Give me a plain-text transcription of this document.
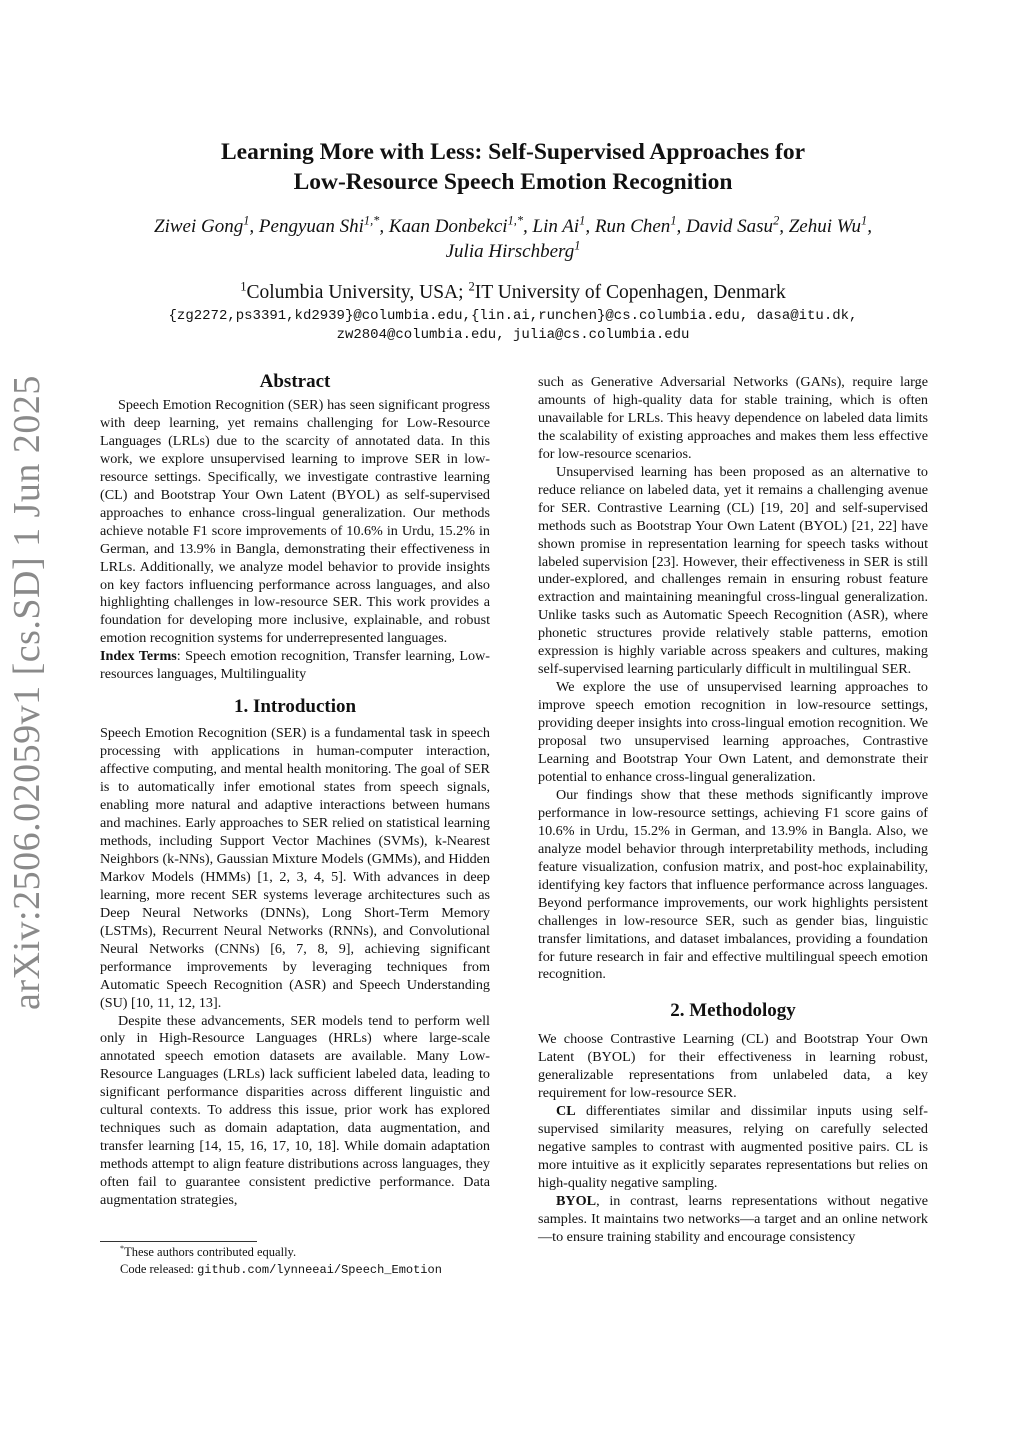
arXiv:2506.02059v1 [cs.SD] 1 Jun 2025
Learning More with Less: Self-Supervised Approaches for
Low-Resource Speech Emotion Recognition
Ziwei Gong$^1$, Pengyuan Shi$^{1,*}$, Kaan Donbekci$^{1,*}$, Lin Ai$^1$, Run Chen$^1$, David Sasu$^2$, Zehui Wu$^1$,
Julia Hirschberg$^1$
$^1$Columbia University, USA; $^2$IT University of Copenhagen, Denmark
{zg2272,ps3391,kd2939}@columbia.edu,{lin.ai,runchen}@cs.columbia.edu, dasa@itu.dk,
zw2804@columbia.edu, julia@cs.columbia.edu
Abstract

Speech Emotion Recognition (SER) has seen significant progress with deep learning, yet remains challenging for Low-Resource Languages (LRLs) due to the scarcity of annotated data. In this work, we explore unsupervised learning to improve SER in low-resource settings. Specifically, we investigate contrastive learning (CL) and Bootstrap Your Own Latent (BYOL) as self-supervised approaches to enhance cross-lingual generalization. Our methods achieve notable F1 score improvements of 10.6% in Urdu, 15.2% in German, and 13.9% in Bangla, demonstrating their effectiveness in LRLs. Additionally, we analyze model behavior to provide insights on key factors influencing performance across languages, and also highlighting challenges in low-resource SER. This work provides a foundation for developing more inclusive, explainable, and robust emotion recognition systems for underrepresented languages.

Index Terms: Speech emotion recognition, Transfer learning, Low-resources languages, Multilinguality

1. Introduction

Speech Emotion Recognition (SER) is a fundamental task in speech processing with applications in human-computer interaction, affective computing, and mental health monitoring. The goal of SER is to automatically infer emotional states from speech signals, enabling more natural and adaptive interactions between humans and machines. Early approaches to SER relied on statistical learning methods, including Support Vector Machines (SVMs), k-Nearest Neighbors (k-NNs), Gaussian Mixture Models (GMMs), and Hidden Markov Models (HMMs) [1, 2, 3, 4, 5]. With advances in deep learning, more recent SER systems leverage architectures such as Deep Neural Networks (DNNs), Long Short-Term Memory (LSTMs), Recurrent Neural Networks (RNNs), and Convolutional Neural Networks (CNNs) [6, 7, 8, 9], achieving significant performance improvements by leveraging techniques from Automatic Speech Recognition (ASR) and Speech Understanding (SU) [10, 11, 12, 13].

Despite these advancements, SER models tend to perform well only in High-Resource Languages (HRLs) where large-scale annotated speech emotion datasets are available. Many Low-Resource Languages (LRLs) lack sufficient labeled data, leading to significant performance disparities across different linguistic and cultural contexts. To address this issue, prior work has explored techniques such as domain adaptation, data augmentation, and transfer learning [14, 15, 16, 17, 10, 18]. While domain adaptation methods attempt to align feature distributions across languages, they often fail to guarantee consistent predictive performance. Data augmentation strategies,

*These authors contributed equally.
Code released: github.com/lynneeai/Speech_Emotion

such as Generative Adversarial Networks (GANs), require large amounts of high-quality data for stable training, which is often unavailable for LRLs. This heavy dependence on labeled data limits the scalability of existing approaches and makes them less effective for low-resource scenarios.

Unsupervised learning has been proposed as an alternative to reduce reliance on labeled data, yet it remains a challenging avenue for SER. Contrastive Learning (CL) [19, 20] and self-supervised methods such as Bootstrap Your Own Latent (BYOL) [21, 22] have shown promise in representation learning for speech tasks without labeled supervision [23]. However, their effectiveness in SER is still under-explored, and challenges remain in ensuring robust feature extraction and maintaining meaningful cross-lingual generalization. Unlike tasks such as Automatic Speech Recognition (ASR), where phonetic structures provide relatively stable patterns, emotion expression is highly variable across speakers and cultures, making self-supervised learning particularly difficult in multilingual SER.

We explore the use of unsupervised learning approaches to improve speech emotion recognition in low-resource settings, providing deeper insights into cross-lingual emotion recognition. We proposal two unsupervised learning approaches, Contrastive Learning and Bootstrap Your Own Latent, and demonstrate their potential to enhance cross-lingual generalization.

Our findings show that these methods significantly improve performance in low-resource settings, achieving F1 score gains of 10.6% in Urdu, 15.2% in German, and 13.9% in Bangla. Also, we analyze model behavior through interpretability methods, including feature visualization, confusion matrix, and post-hoc explainability, identifying key factors that influence performance across languages. Beyond performance improvements, our work highlights persistent challenges in low-resource SER, such as gender bias, linguistic transfer limitations, and dataset imbalances, providing a foundation for future research in fair and effective multilingual speech emotion recognition.

2. Methodology

We choose Contrastive Learning (CL) and Bootstrap Your Own Latent (BYOL) for their effectiveness in learning robust, generalizable representations from unlabeled data, a key requirement for low-resource SER.

CL differentiates similar and dissimilar inputs using self-supervised similarity measures, relying on carefully selected negative samples to contrast with augmented positive pairs. CL is more intuitive as it explicitly separates representations but relies on high-quality negative sampling.

BYOL, in contrast, learns representations without negative samples. It maintains two networks—a target and an online network—to ensure training stability and encourage consistency
